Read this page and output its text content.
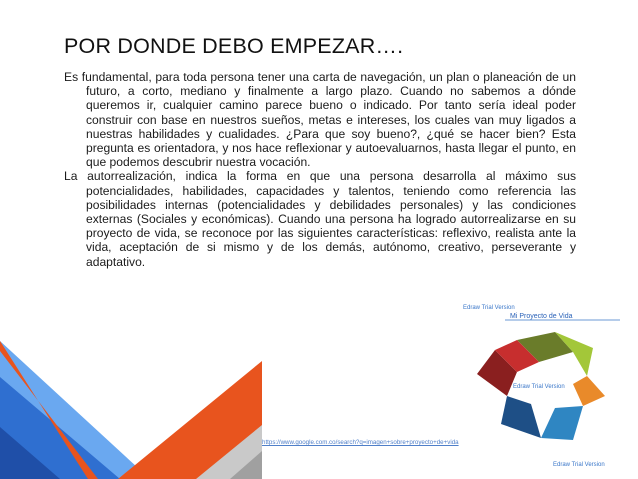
POR DONDE DEBO EMPEZAR….

Es fundamental, para toda persona tener una carta de navegación, un plan o planeación de un futuro, a corto, mediano y finalmente a largo plazo. Cuando no sabemos a dónde queremos ir, cualquier camino parece bueno o indicado. Por tanto sería ideal poder construir con base en nuestros sueños, metas e intereses, los cuales van muy ligados a nuestras habilidades y cualidades. ¿Para que soy bueno?, ¿qué se hacer bien? Esta pregunta es orientadora, y nos hace reflexionar y autoevaluarnos, hasta llegar el punto, en que podemos descubrir nuestra vocación.

La autorrealización, indica la forma en que una persona desarrolla al máximo sus potencialidades, habilidades, capacidades y talentos, teniendo como referencia las posibilidades internas (potencialidades y debilidades personales) y las condiciones externas (Sociales y económicas). Cuando una persona ha logrado autorrealizarse en su proyecto de vida, se reconoce por las siguientes características: reflexivo, realista ante la vida, aceptación de si mismo y de los demás, autónomo, creativo, perseverante y adaptativo.

https://www.google.com.co/search?q=imagen+sobre+proyecto+de+vida
Edraw Trial Version
Mi Proyecto de Vida
Edraw Trial Version
Edraw Trial Version
